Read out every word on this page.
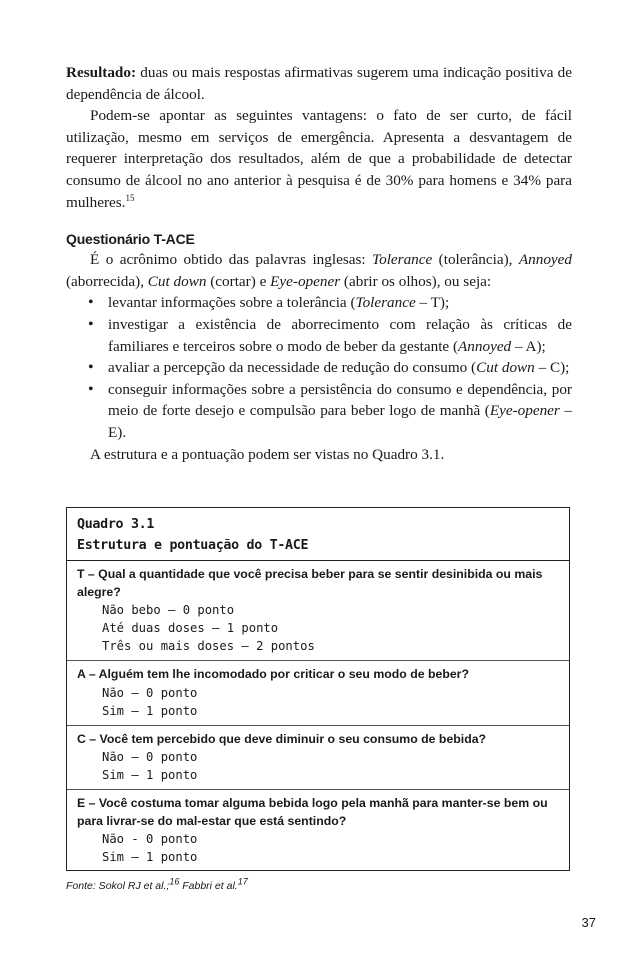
Resultado: duas ou mais respostas afirmativas sugerem uma indicação positiva de dependência de álcool.

Podem-se apontar as seguintes vantagens: o fato de ser curto, de fácil utilização, mesmo em serviços de emergência. Apresenta a desvantagem de requerer interpretação dos resultados, além de que a probabilidade de detectar consumo de álcool no ano anterior à pesquisa é de 30% para homens e 34% para mulheres.$^{15}$

Questionário T-ACE

É o acrônimo obtido das palavras inglesas: Tolerance (tolerância), Annoyed (aborrecida), Cut down (cortar) e Eye-opener (abrir os olhos), ou seja:

• levantar informações sobre a tolerância (Tolerance – T);
• investigar a existência de aborrecimento com relação às críticas de familiares e terceiros sobre o modo de beber da gestante (Annoyed – A);
• avaliar a percepção da necessidade de redução do consumo (Cut down – C);
• conseguir informações sobre a persistência do consumo e dependência, por meio de forte desejo e compulsão para beber logo de manhã (Eye-opener – E).

A estrutura e a pontuação podem ser vistas no Quadro 3.1.

Quadro 3.1
Estrutura e pontuação do T-ACE
T – Qual a quantidade que você precisa beber para se sentir desinibida ou mais alegre?
Não bebo – 0 ponto
Até duas doses – 1 ponto
Três ou mais doses – 2 pontos
A – Alguém tem lhe incomodado por criticar o seu modo de beber?
Não – 0 ponto
Sim – 1 ponto
C – Você tem percebido que deve diminuir o seu consumo de bebida?
Não – 0 ponto
Sim – 1 ponto
E – Você costuma tomar alguma bebida logo pela manhã para manter-se bem ou para livrar-se do mal-estar que está sentindo?
Não - 0 ponto
Sim – 1 ponto
Fonte: Sokol RJ et al.;$^{16}$ Fabbri et al.$^{17}$
37
